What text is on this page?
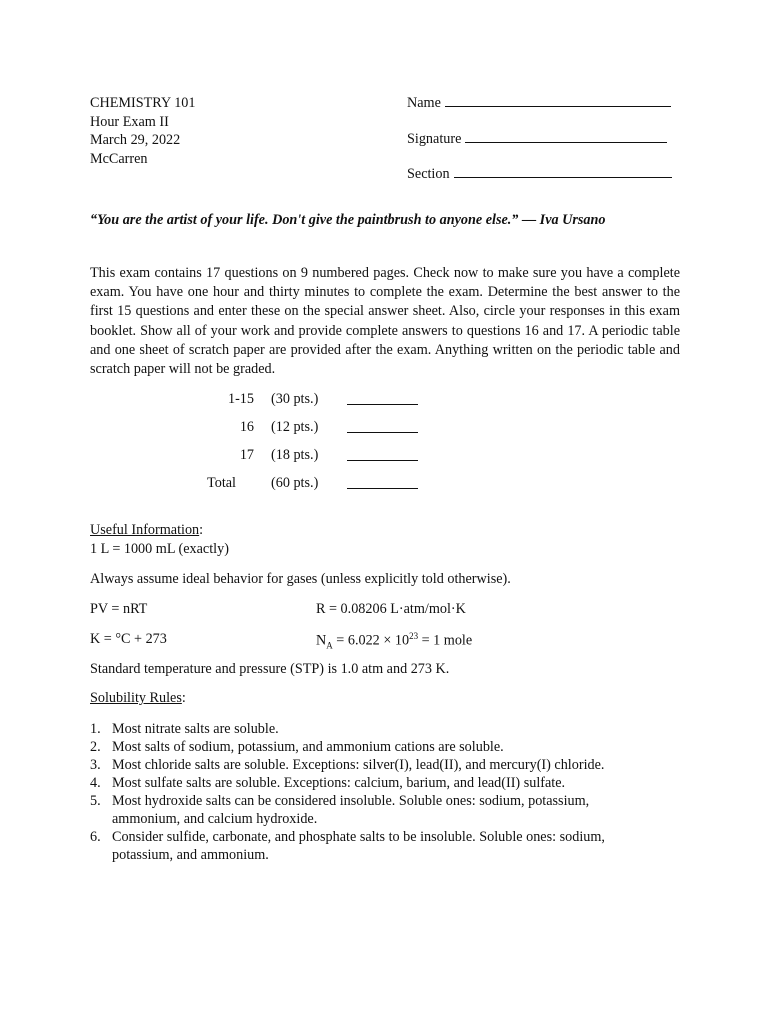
CHEMISTRY 101
Hour Exam II
March 29, 2022
McCarren
Name
Signature
Section
“You are the artist of your life. Don't give the paintbrush to anyone else.” — Iva Ursano
This exam contains 17 questions on 9 numbered pages. Check now to make sure you have a complete exam. You have one hour and thirty minutes to complete the exam. Determine the best answer to the first 15 questions and enter these on the special answer sheet. Also, circle your responses in this exam booklet. Show all of your work and provide complete answers to questions 16 and 17. A periodic table and one sheet of scratch paper are provided after the exam. Anything written on the periodic table and scratch paper will not be graded.
1-15 (30 pts.)
16 (12 pts.)
17 (18 pts.)
Total (60 pts.)
Useful Information:
1 L = 1000 mL (exactly)
Always assume ideal behavior for gases (unless explicitly told otherwise).
PV = nRT	R = 0.08206 L·atm/mol·K
K = °C + 273	$N_A = 6.022 \times 10^{23} = 1$ mole
Standard temperature and pressure (STP) is 1.0 atm and 273 K.
Solubility Rules:
1. Most nitrate salts are soluble.
2. Most salts of sodium, potassium, and ammonium cations are soluble.
3. Most chloride salts are soluble. Exceptions: silver(I), lead(II), and mercury(I) chloride.
4. Most sulfate salts are soluble. Exceptions: calcium, barium, and lead(II) sulfate.
5. Most hydroxide salts can be considered insoluble. Soluble ones: sodium, potassium, ammonium, and calcium hydroxide.
6. Consider sulfide, carbonate, and phosphate salts to be insoluble. Soluble ones: sodium, potassium, and ammonium.
